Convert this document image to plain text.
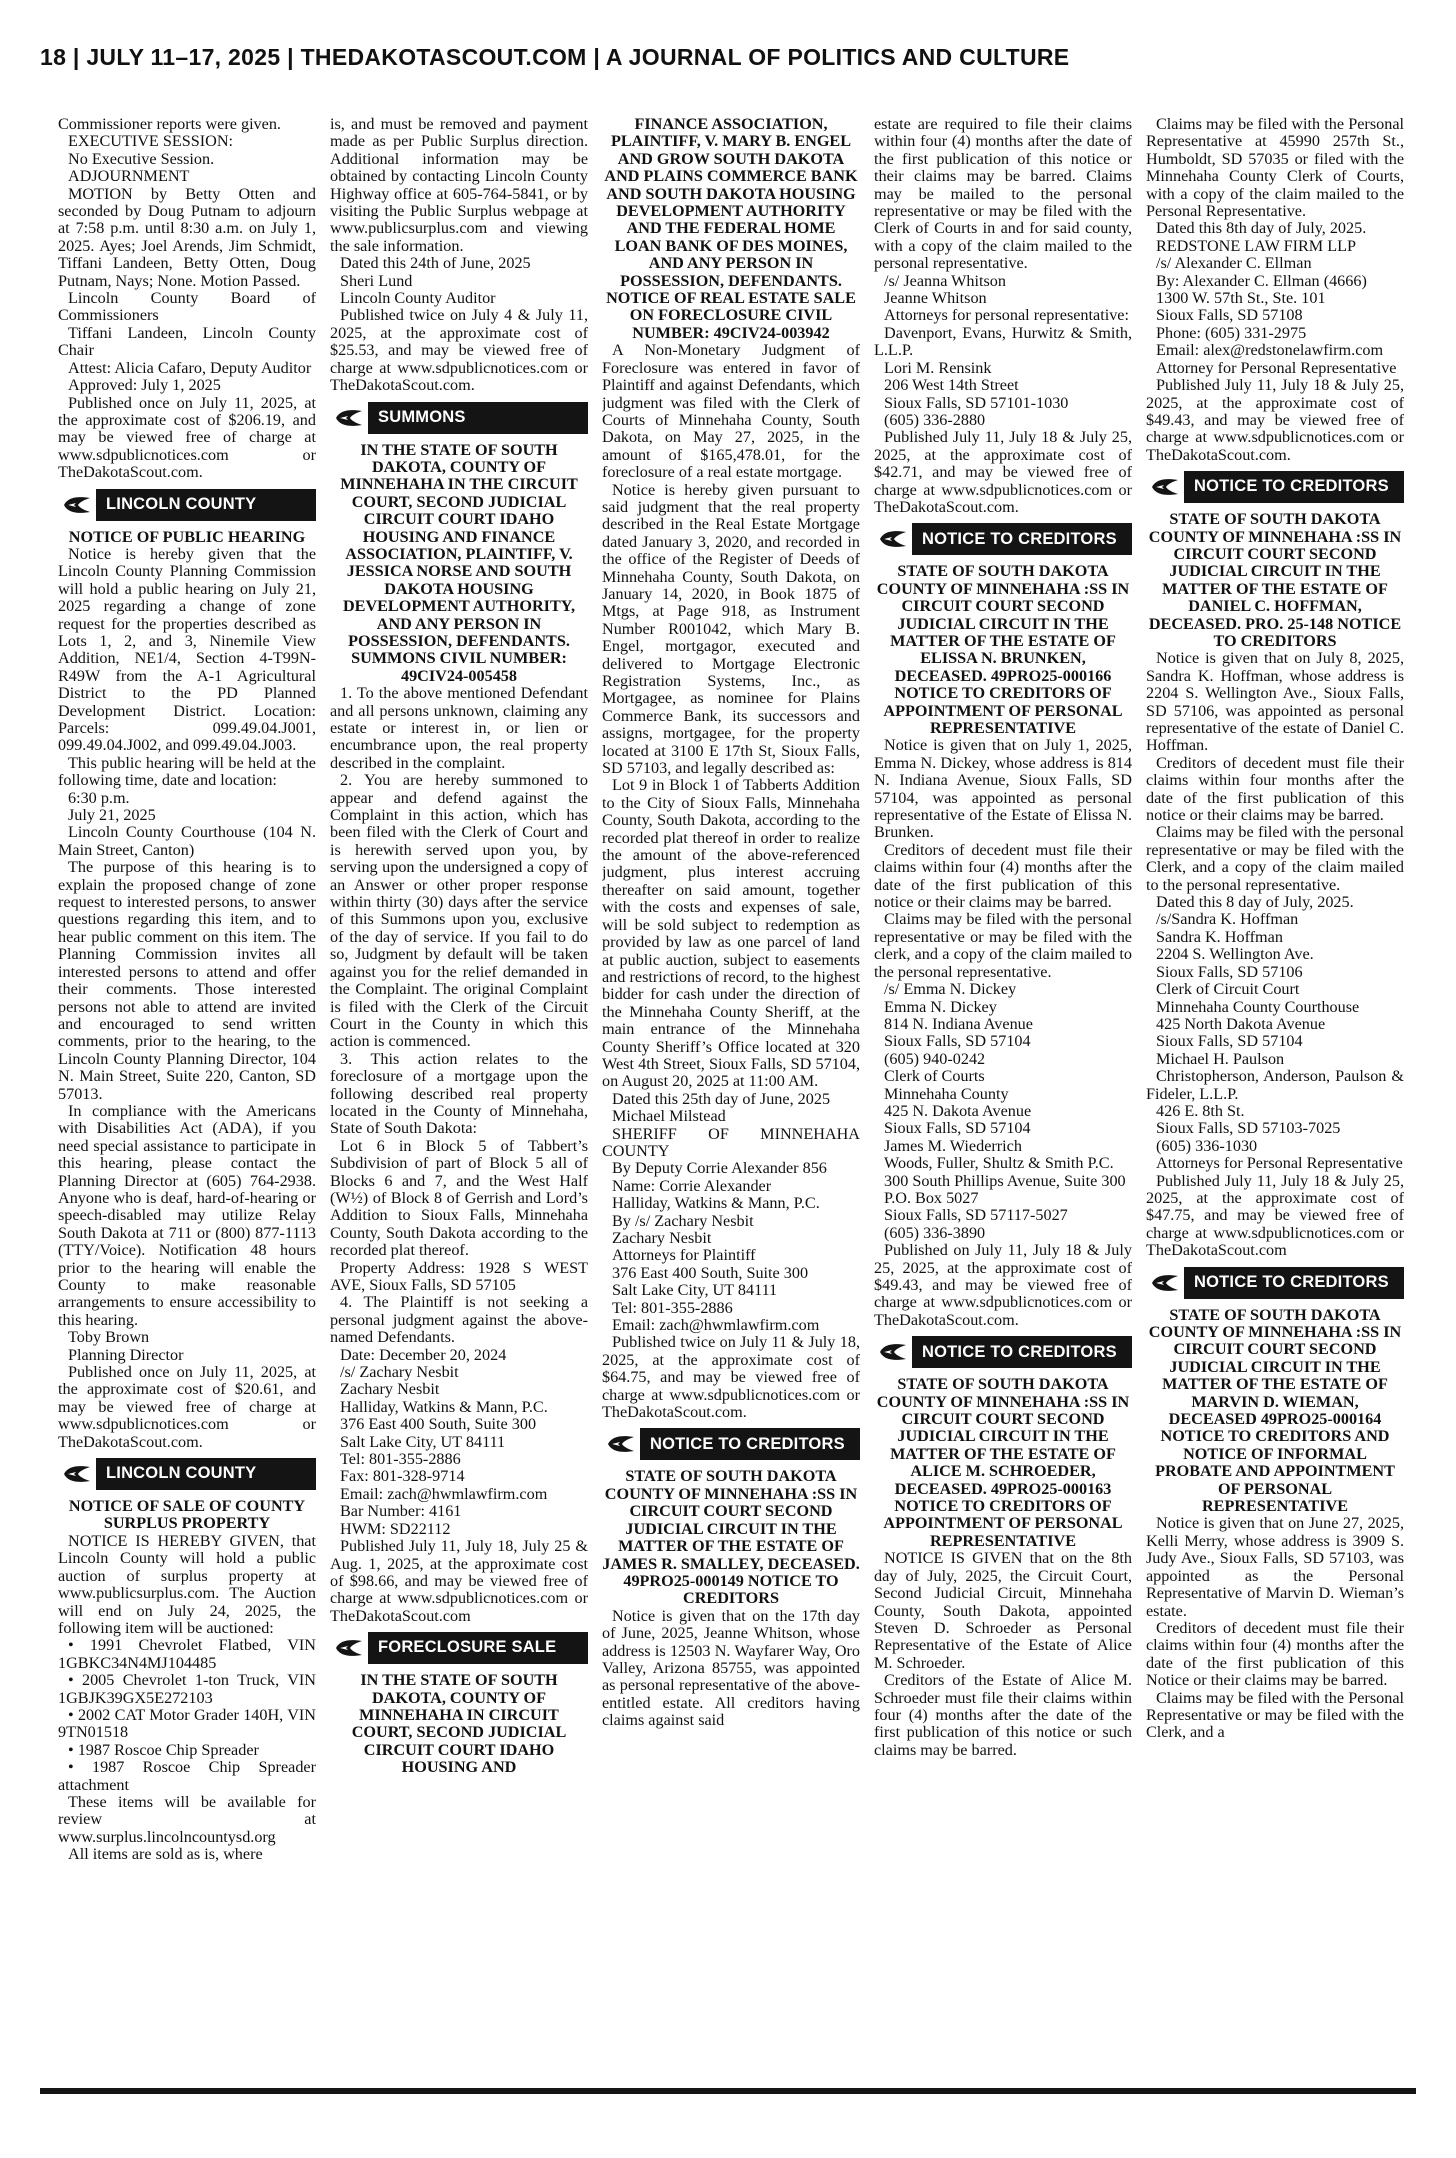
18 | JULY 11–17, 2025 | THEDAKOTASCOUT.COM | A JOURNAL OF POLITICS AND CULTURE

Commissioner reports were given.

EXECUTIVE SESSION:

No Executive Session.

ADJOURNMENT

MOTION by Betty Otten and seconded by Doug Putnam to adjourn at 7:58 p.m. until 8:30 a.m. on July 1, 2025. Ayes; Joel Arends, Jim Schmidt, Tiffani Landeen, Betty Otten, Doug Putnam, Nays; None. Motion Passed.

Lincoln County Board of Commissioners

Tiffani Landeen, Lincoln County Chair

Attest: Alicia Cafaro, Deputy Auditor

Approved: July 1, 2025

Published once on July 11, 2025, at the approximate cost of $206.19, and may be viewed free of charge at www.sdpublicnotices.com or TheDakotaScout.com.

LINCOLN COUNTY

NOTICE OF PUBLIC HEARING

Notice is hereby given that the Lincoln County Planning Commission will hold a public hearing on July 21, 2025 regarding a change of zone request for the properties described as Lots 1, 2, and 3, Ninemile View Addition, NE1/4, Section 4-T99N-R49W from the A-1 Agricultural District to the PD Planned Development District. Location: Parcels: 099.49.04.J001, 099.49.04.J002, and 099.49.04.J003.

This public hearing will be held at the following time, date and location:

6:30 p.m.

July 21, 2025

Lincoln County Courthouse (104 N. Main Street, Canton)

The purpose of this hearing is to explain the proposed change of zone request to interested persons, to answer questions regarding this item, and to hear public comment on this item. The Planning Commission invites all interested persons to attend and offer their comments. Those interested persons not able to attend are invited and encouraged to send written comments, prior to the hearing, to the Lincoln County Planning Director, 104 N. Main Street, Suite 220, Canton, SD 57013.

In compliance with the Americans with Disabilities Act (ADA), if you need special assistance to participate in this hearing, please contact the Planning Director at (605) 764-2938. Anyone who is deaf, hard-of-hearing or speech-disabled may utilize Relay South Dakota at 711 or (800) 877-1113 (TTY/Voice). Notification 48 hours prior to the hearing will enable the County to make reasonable arrangements to ensure accessibility to this hearing.

Toby Brown

Planning Director

Published once on July 11, 2025, at the approximate cost of $20.61, and may be viewed free of charge at www.sdpublicnotices.com or TheDakotaScout.com.

LINCOLN COUNTY

NOTICE OF SALE OF COUNTY SURPLUS PROPERTY

NOTICE IS HEREBY GIVEN, that Lincoln County will hold a public auction of surplus property at www.publicsurplus.com. The Auction will end on July 24, 2025, the following item will be auctioned:

• 1991 Chevrolet Flatbed, VIN 1GBKC34N4MJ104485

• 2005 Chevrolet 1-ton Truck, VIN 1GBJK39GX5E272103

• 2002 CAT Motor Grader 140H, VIN 9TN01518

• 1987 Roscoe Chip Spreader

• 1987 Roscoe Chip Spreader attachment

These items will be available for review at www.surplus.lincolncountysd.org

All items are sold as is, where

is, and must be removed and payment made as per Public Surplus direction. Additional information may be obtained by contacting Lincoln County Highway office at 605-764-5841, or by visiting the Public Surplus webpage at www.publicsurplus.com and viewing the sale information.

Dated this 24th of June, 2025

Sheri Lund

Lincoln County Auditor

Published twice on July 4 & July 11, 2025, at the approximate cost of $25.53, and may be viewed free of charge at www.sdpublicnotices.com or TheDakotaScout.com.

SUMMONS

IN THE STATE OF SOUTH DAKOTA, COUNTY OF MINNEHAHA IN THE CIRCUIT COURT, SECOND JUDICIAL CIRCUIT COURT IDAHO HOUSING AND FINANCE ASSOCIATION, PLAINTIFF, V. JESSICA NORSE AND SOUTH DAKOTA HOUSING DEVELOPMENT AUTHORITY, AND ANY PERSON IN POSSESSION, DEFENDANTS. SUMMONS CIVIL NUMBER: 49CIV24-005458

1. To the above mentioned Defendant and all persons unknown, claiming any estate or interest in, or lien or encumbrance upon, the real property described in the complaint.

2. You are hereby summoned to appear and defend against the Complaint in this action, which has been filed with the Clerk of Court and is herewith served upon you, by serving upon the undersigned a copy of an Answer or other proper response within thirty (30) days after the service of this Summons upon you, exclusive of the day of service. If you fail to do so, Judgment by default will be taken against you for the relief demanded in the Complaint. The original Complaint is filed with the Clerk of the Circuit Court in the County in which this action is commenced.

3. This action relates to the foreclosure of a mortgage upon the following described real property located in the County of Minnehaha, State of South Dakota:

Lot 6 in Block 5 of Tabbert’s Subdivision of part of Block 5 all of Blocks 6 and 7, and the West Half (W½) of Block 8 of Gerrish and Lord’s Addition to Sioux Falls, Minnehaha County, South Dakota according to the recorded plat thereof.

Property Address: 1928 S WEST AVE, Sioux Falls, SD 57105

4. The Plaintiff is not seeking a personal judgment against the above-named Defendants.

Date: December 20, 2024

/s/ Zachary Nesbit

Zachary Nesbit

Halliday, Watkins & Mann, P.C.

376 East 400 South, Suite 300

Salt Lake City, UT 84111

Tel: 801-355-2886

Fax: 801-328-9714

Email: zach@hwmlawfirm.com

Bar Number: 4161

HWM: SD22112

Published July 11, July 18, July 25 & Aug. 1, 2025, at the approximate cost of $98.66, and may be viewed free of charge at www.sdpublicnotices.com or TheDakotaScout.com

FORECLOSURE SALE

IN THE STATE OF SOUTH DAKOTA, COUNTY OF MINNEHAHA IN CIRCUIT COURT, SECOND JUDICIAL CIRCUIT COURT IDAHO HOUSING AND

FINANCE ASSOCIATION, PLAINTIFF, V. MARY B. ENGEL AND GROW SOUTH DAKOTA AND PLAINS COMMERCE BANK AND SOUTH DAKOTA HOUSING DEVELOPMENT AUTHORITY AND THE FEDERAL HOME LOAN BANK OF DES MOINES, AND ANY PERSON IN POSSESSION, DEFENDANTS. NOTICE OF REAL ESTATE SALE ON FORECLOSURE CIVIL NUMBER: 49CIV24-003942

A Non-Monetary Judgment of Foreclosure was entered in favor of Plaintiff and against Defendants, which judgment was filed with the Clerk of Courts of Minnehaha County, South Dakota, on May 27, 2025, in the amount of $165,478.01, for the foreclosure of a real estate mortgage.

Notice is hereby given pursuant to said judgment that the real property described in the Real Estate Mortgage dated January 3, 2020, and recorded in the office of the Register of Deeds of Minnehaha County, South Dakota, on January 14, 2020, in Book 1875 of Mtgs, at Page 918, as Instrument Number R001042, which Mary B. Engel, mortgagor, executed and delivered to Mortgage Electronic Registration Systems, Inc., as Mortgagee, as nominee for Plains Commerce Bank, its successors and assigns, mortgagee, for the property located at 3100 E 17th St, Sioux Falls, SD 57103, and legally described as:

Lot 9 in Block 1 of Tabberts Addition to the City of Sioux Falls, Minnehaha County, South Dakota, according to the recorded plat thereof in order to realize the amount of the above-referenced judgment, plus interest accruing thereafter on said amount, together with the costs and expenses of sale, will be sold subject to redemption as provided by law as one parcel of land at public auction, subject to easements and restrictions of record, to the highest bidder for cash under the direction of the Minnehaha County Sheriff, at the main entrance of the Minnehaha County Sheriff’s Office located at 320 West 4th Street, Sioux Falls, SD 57104, on August 20, 2025 at 11:00 AM.

Dated this 25th day of June, 2025

Michael Milstead

SHERIFF OF MINNEHAHA COUNTY

By Deputy Corrie Alexander 856

Name: Corrie Alexander

Halliday, Watkins & Mann, P.C.

By /s/ Zachary Nesbit

Zachary Nesbit

Attorneys for Plaintiff

376 East 400 South, Suite 300

Salt Lake City, UT 84111

Tel: 801-355-2886

Email: zach@hwmlawfirm.com

Published twice on July 11 & July 18, 2025, at the approximate cost of $64.75, and may be viewed free of charge at www.sdpublicnotices.com or TheDakotaScout.com.

NOTICE TO CREDITORS

STATE OF SOUTH DAKOTA COUNTY OF MINNEHAHA :SS IN CIRCUIT COURT SECOND JUDICIAL CIRCUIT IN THE MATTER OF THE ESTATE OF JAMES R. SMALLEY, DECEASED. 49PRO25-000149 NOTICE TO CREDITORS

Notice is given that on the 17th day of June, 2025, Jeanne Whitson, whose address is 12503 N. Wayfarer Way, Oro Valley, Arizona 85755, was appointed as personal representative of the above-entitled estate. All creditors having claims against said

estate are required to file their claims within four (4) months after the date of the first publication of this notice or their claims may be barred. Claims may be mailed to the personal representative or may be filed with the Clerk of Courts in and for said county, with a copy of the claim mailed to the personal representative.

/s/ Jeanna Whitson

Jeanne Whitson

Attorneys for personal representative:

Davenport, Evans, Hurwitz & Smith, L.L.P.

Lori M. Rensink

206 West 14th Street

Sioux Falls, SD 57101-1030

(605) 336-2880

Published July 11, July 18 & July 25, 2025, at the approximate cost of $42.71, and may be viewed free of charge at www.sdpublicnotices.com or TheDakotaScout.com.

NOTICE TO CREDITORS

STATE OF SOUTH DAKOTA COUNTY OF MINNEHAHA :SS IN CIRCUIT COURT SECOND JUDICIAL CIRCUIT IN THE MATTER OF THE ESTATE OF ELISSA N. BRUNKEN, DECEASED. 49PRO25-000166 NOTICE TO CREDITORS OF APPOINTMENT OF PERSONAL REPRESENTATIVE

Notice is given that on July 1, 2025, Emma N. Dickey, whose address is 814 N. Indiana Avenue, Sioux Falls, SD 57104, was appointed as personal representative of the Estate of Elissa N. Brunken.

Creditors of decedent must file their claims within four (4) months after the date of the first publication of this notice or their claims may be barred.

Claims may be filed with the personal representative or may be filed with the clerk, and a copy of the claim mailed to the personal representative.

/s/ Emma N. Dickey

Emma N. Dickey

814 N. Indiana Avenue

Sioux Falls, SD 57104

(605) 940-0242

Clerk of Courts

Minnehaha County

425 N. Dakota Avenue

Sioux Falls, SD 57104

James M. Wiederrich

Woods, Fuller, Shultz & Smith P.C.

300 South Phillips Avenue, Suite 300

P.O. Box 5027

Sioux Falls, SD 57117-5027

(605) 336-3890

Published on July 11, July 18 & July 25, 2025, at the approximate cost of $49.43, and may be viewed free of charge at www.sdpublicnotices.com or TheDakotaScout.com.

NOTICE TO CREDITORS

STATE OF SOUTH DAKOTA COUNTY OF MINNEHAHA :SS IN CIRCUIT COURT SECOND JUDICIAL CIRCUIT IN THE MATTER OF THE ESTATE OF ALICE M. SCHROEDER, DECEASED. 49PRO25-000163 NOTICE TO CREDITORS OF APPOINTMENT OF PERSONAL REPRESENTATIVE

NOTICE IS GIVEN that on the 8th day of July, 2025, the Circuit Court, Second Judicial Circuit, Minnehaha County, South Dakota, appointed Steven D. Schroeder as Personal Representative of the Estate of Alice M. Schroeder.

Creditors of the Estate of Alice M. Schroeder must file their claims within four (4) months after the date of the first publication of this notice or such claims may be barred.

Claims may be filed with the Personal Representative at 45990 257th St., Humboldt, SD 57035 or filed with the Minnehaha County Clerk of Courts, with a copy of the claim mailed to the Personal Representative.

Dated this 8th day of July, 2025.

REDSTONE LAW FIRM LLP

/s/ Alexander C. Ellman

By: Alexander C. Ellman (4666)

1300 W. 57th St., Ste. 101

Sioux Falls, SD 57108

Phone: (605) 331-2975

Email: alex@redstonelawfirm.com

Attorney for Personal Representative

Published July 11, July 18 & July 25, 2025, at the approximate cost of $49.43, and may be viewed free of charge at www.sdpublicnotices.com or TheDakotaScout.com.

NOTICE TO CREDITORS

STATE OF SOUTH DAKOTA COUNTY OF MINNEHAHA :SS IN CIRCUIT COURT SECOND JUDICIAL CIRCUIT IN THE MATTER OF THE ESTATE OF DANIEL C. HOFFMAN, DECEASED. PRO. 25-148 NOTICE TO CREDITORS

Notice is given that on July 8, 2025, Sandra K. Hoffman, whose address is 2204 S. Wellington Ave., Sioux Falls, SD 57106, was appointed as personal representative of the estate of Daniel C. Hoffman.

Creditors of decedent must file their claims within four months after the date of the first publication of this notice or their claims may be barred.

Claims may be filed with the personal representative or may be filed with the Clerk, and a copy of the claim mailed to the personal representative.

Dated this 8 day of July, 2025.

/s/Sandra K. Hoffman

Sandra K. Hoffman

2204 S. Wellington Ave.

Sioux Falls, SD 57106

Clerk of Circuit Court

Minnehaha County Courthouse

425 North Dakota Avenue

Sioux Falls, SD 57104

Michael H. Paulson

Christopherson, Anderson, Paulson & Fideler, L.L.P.

426 E. 8th St.

Sioux Falls, SD 57103-7025

(605) 336-1030

Attorneys for Personal Representative

Published July 11, July 18 & July 25, 2025, at the approximate cost of $47.75, and may be viewed free of charge at www.sdpublicnotices.com or TheDakotaScout.com

NOTICE TO CREDITORS

STATE OF SOUTH DAKOTA COUNTY OF MINNEHAHA :SS IN CIRCUIT COURT SECOND JUDICIAL CIRCUIT IN THE MATTER OF THE ESTATE OF MARVIN D. WIEMAN, DECEASED 49PRO25-000164 NOTICE TO CREDITORS AND NOTICE OF INFORMAL PROBATE AND APPOINTMENT OF PERSONAL REPRESENTATIVE

Notice is given that on June 27, 2025, Kelli Merry, whose address is 3909 S. Judy Ave., Sioux Falls, SD 57103, was appointed as the Personal Representative of Marvin D. Wieman’s estate.

Creditors of decedent must file their claims within four (4) months after the date of the first publication of this Notice or their claims may be barred.

Claims may be filed with the Personal Representative or may be filed with the Clerk, and a
